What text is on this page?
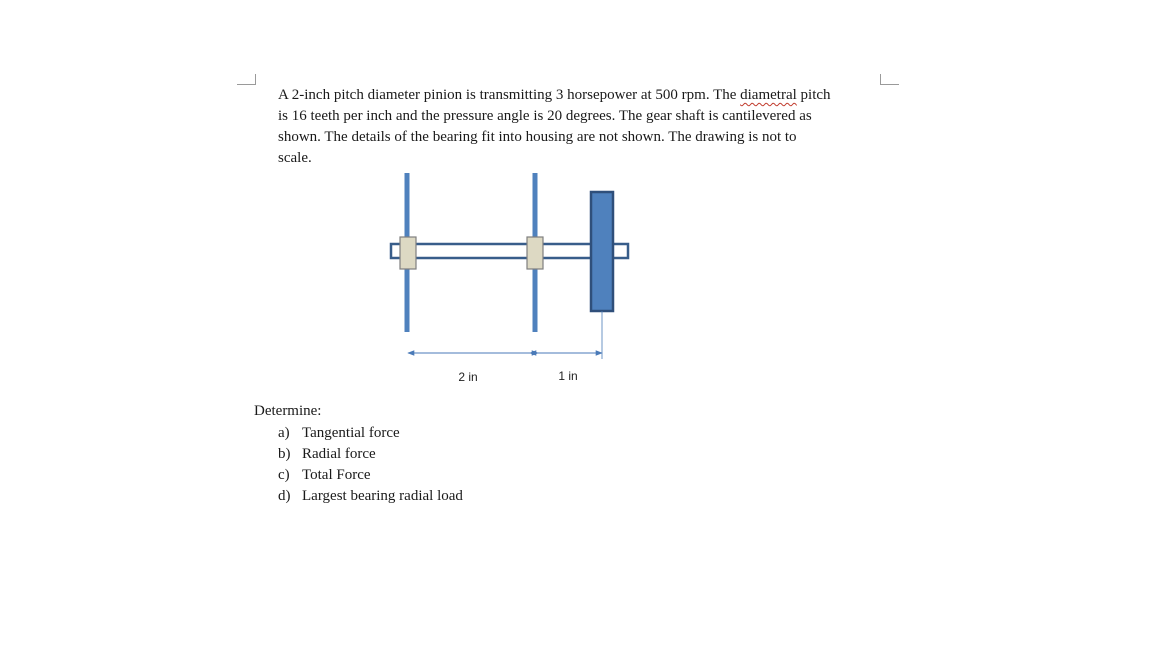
A 2-inch pitch diameter pinion is transmitting 3 horsepower at 500 rpm. The diametral pitch
is 16 teeth per inch and the pressure angle is 20 degrees. The gear shaft is cantilevered as
shown. The details of the bearing fit into housing are not shown. The drawing is not to
scale.

2 in	1 in

Determine:

a) Tangential force
b) Radial force
c) Total Force
d) Largest bearing radial load
